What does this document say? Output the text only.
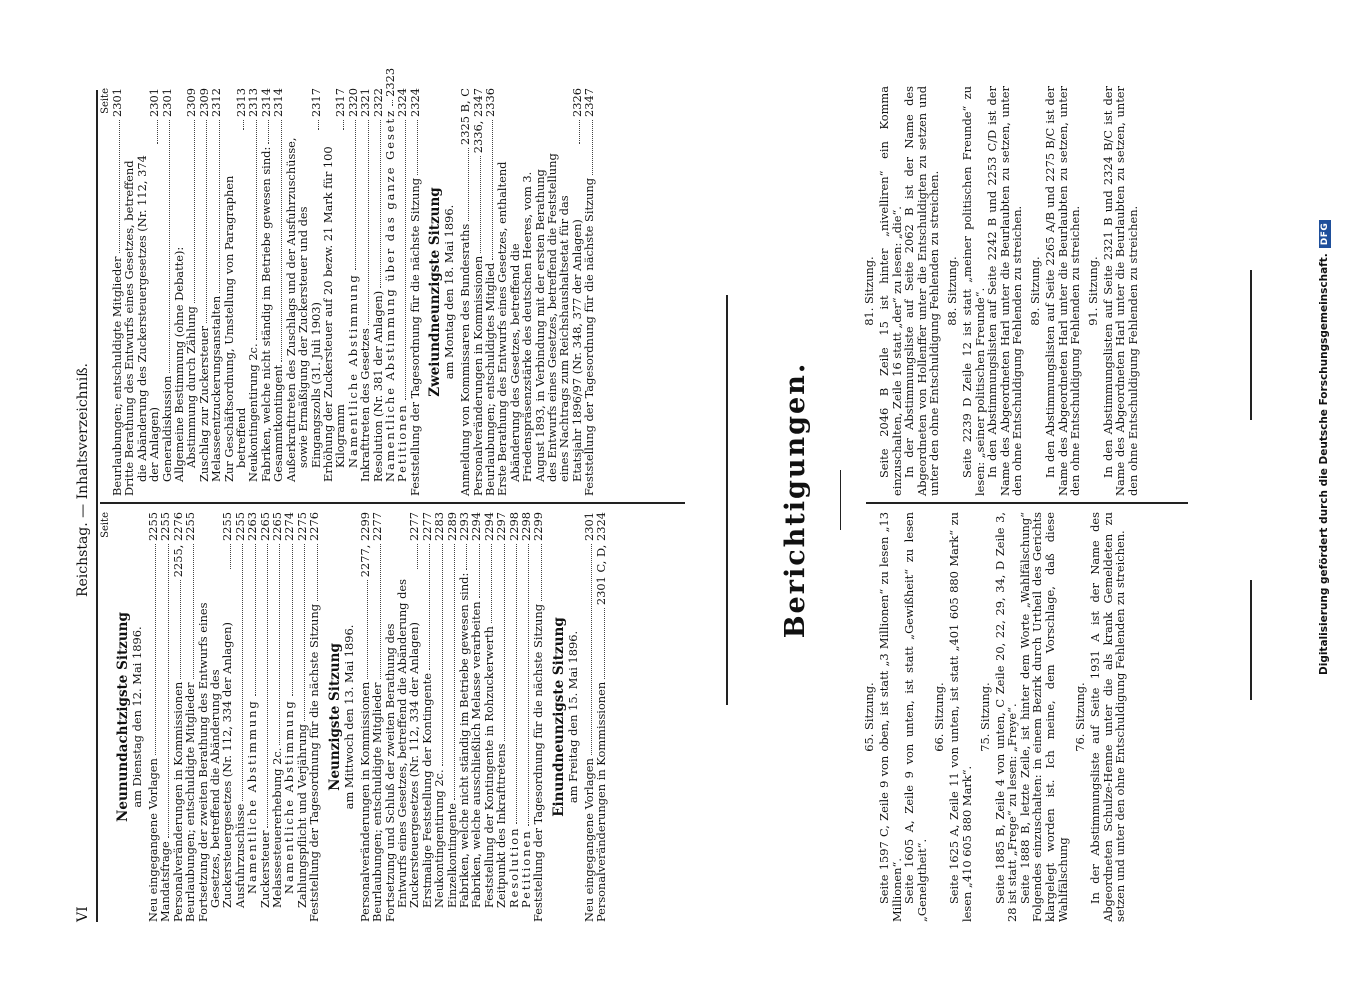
VI
Reichstag. — Inhaltsverzeichniß. Seite
Neunundachtzigste Sitzung am Dienstag den 12. Mai 1896.
Neu eingegangene Vorlagen
2255
Mandatsfrage
2255
Personalveränderungen in Kommissionen
2255, 2276
Beurlaubungen; entschuldigte Mitglieder
2255
Fortsetzung der zweiten Berathung des Entwurfs eines Gesetzes, betreffend die Abänderung des Zuckersteuergesetzes (Nr. 112, 334 der Anlagen)
2255
Ausfuhrzuschüsse
2255
Namentliche Abstimmung
2263
Zuckersteuer
2265
Melassesteuererhebung 2c.
2265
Namentliche Abstimmung
2274
Zahlungspflicht und Verjährung
2275
Feststellung der Tagesordnung für die nächste Sitzung
2276
Neunzigste Sitzung am Mittwoch den 13. Mai 1896. Personalveränderungen in Kommissionen
2277, 2299
Beurlaubungen; entschuldigte Mitglieder
2277
Fortsetzung und Schluß der zweiten Berathung des Entwurfs eines Gesetzes, betreffend die Abänderung des Zuckersteuergesetzes (Nr. 112, 334 der Anlagen)
2277
Erstmalige Feststellung der Kontingente
2277
Neukontingentirung 2c.
2283
Einzelkontingente
2289
Fabriken, welche nicht ständig im Betriebe gewesen sind:
2293
Fabriken, welche ausschließlich Melasse verarbeiten
2294
Feststellung der Kontingente in Rohzuckerwerth
2294
Zeitpunkt des Inkrafttretens
2297
Resolution
2298
Petitionen
2298
Feststellung der Tagesordnung für die nächste Sitzung
2299
Einundneunzigste Sitzung am Freitag den 15. Mai 1896.
Neu eingegangene Vorlagen
2301
Personalveränderungen in Kommissionen
2301 C, D, 2324
Seite
Beurlaubungen; entschuldigte Mitglieder
2301
Dritte Berathung des Entwurfs eines Gesetzes, betreffend die Abänderung des Zuckersteuergesetzes (Nr. 112, 374 der Anlagen)
2301
Generaldiskussion
2301
Allgemeine Bestimmung (ohne Debatte):
Abstimmung durch Zählung
2309
Zuschlag zur Zuckersteuer
2309
Melasseentzuckerungsanstalten
2312
Zur Geschäftsordnung, Umstellung von Paragraphen betreffend
2313
Neukontingentirung 2c.
2313
Fabriken, welche nicht ständig im Betriebe gewesen sind:
2314
Gesammtkontingent
2314
Außerkrafttreten des Zuschlags und der Ausfuhrzuschüsse, sowie Ermäßigung der Zuckersteuer und des Eingangszolls (31. Juli 1903)
2317
Erhöhung der Zuckersteuer auf 20 bezw. 21 Mark für 100 Kilogramm
2317
Namentliche Abstimmung
2320
Inkrafttreten des Gesetzes
2321
Resolution (Nr. 381 der Anlagen)
2322
Namentliche Abstimmung über das ganze Gesetz
2323
Petitionen
2324
Feststellung der Tagesordnung für die nächste Sitzung
2324
Zweiundneunzigste Sitzung am Montag den 18. Mai 1896. Anmeldung von Kommissaren des Bundesraths
2325 B, C
Personalveränderungen in Kommissionen
2336, 2347
Beurlaubungen; entschuldigtes Mitglied
2336
Erste Berathung des Entwurfs eines Gesetzes, enthaltend Abänderung des Gesetzes, betreffend die Friedenspräsenzstärke des deutschen Heeres, vom 3. August 1893, in Verbindung mit der ersten Berathung des Entwurfs eines Gesetzes, betreffend die Feststellung eines Nachtrags zum Reichshaushaltsetat für das Etatsjahr 1896/97 (Nr. 348, 377 der Anlagen)
2326
Feststellung der Tagesordnung für die nächste Sitzung
2347
Berichtigungen.
65. Sitzung. Seite 1597 C, Zeile 9 von oben, ist statt „3 Millionen“ zu lesen „13 Millionen“.

Seite 1605 A, Zeile 9 von unten, ist statt „Gewißheit“ zu lesen „Genelgtheit“.

66. Sitzung. Seite 1625 A, Zeile 11 von unten, ist statt „401 605 880 Mark“ zu lesen „410 605 880 Mark“.

75. Sitzung. Seite 1885 B, Zeile 4 von unten, C Zeile 20, 22, 29, 34, D Zeile 3, 28 ist statt „Frege“ zu lesen: „Freye“.

Seite 1888 B, letzte Zeile, ist hinter dem Worte „Wahlfälschung“ Folgendes einzuschalten: in einem Bezirk durch Urtheil des Gerichts klargelegt worden ist. Ich meine, dem Vorschlage, daß diese Wahlfälschung

76. Sitzung. In der Abstimmungsliste auf Seite 1931 A ist der Name des Abgeordneten Schulze-Henne unter die als krank Gemeldeten zu setzen und unter den ohne Entschuldigung Fehlenden zu streichen.

81. Sitzung. Seite 2046 B Zeile 15 ist hinter „nivelliren“ ein Komma einzuschalten, Zeile 16 statt „der“ zu lesen: „die“.

In der Abstimmungsliste auf Seite 2062 B ist der Name des Abgeordneten von Hollenffer unter die Entschuldigten zu setzen und unter den ohne Entschuldigung Fehlenden zu streichen. 88. Sitzung. Seite 2239 D Zeile 12 ist statt „meiner politischen Freunde“ zu lesen: „seiner politischen Freunde“.

In den Abstimmungslisten auf Seite 2242 B und 2253 C/D ist der Name des Abgeordneten Harl unter die Beurlaubten zu setzen, unter den ohne Entschuldigung Fehlenden zu streichen. 89. Sitzung. In den Abstimmungslisten auf Seite 2265 A/B und 2275 B/C ist der Name des Abgeordneten Harl unter die Beurlaubten zu setzen, unter den ohne Entschuldigung Fehlenden zu streichen. 91. Sitzung. In den Abstimmungslisten auf Seite 2321 B und 2324 B/C ist der Name des Abgeordneten Harl unter die Beurlaubten zu setzen, unter den ohne Entschuldigung Fehlenden zu streichen.	Digitalisierung gefördert durch die Deutsche Forschungsgemeinschaft.DFG
